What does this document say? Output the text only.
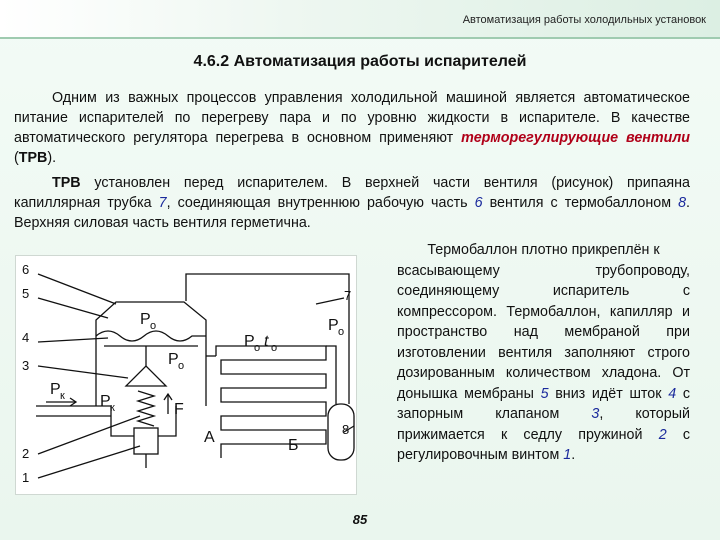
Автоматизация работы холодильных установок
4.6.2 Автоматизация работы испарителей

Одним из важных процессов управления холодильной машиной является автоматическое питание испарителей по перегреву пара и по уровню жидкости в испарителе. В качестве автоматического регулятора перегрева в основном применяют терморегулирующие вентили (ТРВ).

ТРВ установлен перед испарителем. В верхней части вентиля (рисунок) припаяна капиллярная трубка 7, соединяющая внутреннюю рабочую часть 6 вентиля с термобаллоном 8. Верхняя силовая часть вентиля герметична.

Термобаллон плотно прикреплён к
всасывающему трубопроводу, соединяющему испаритель с компрессором. Термобаллон, капилляр и пространство над мембраной при изготовлении вентиля заполняют строго дозированным количеством хладона. От донышка мембраны 5 вниз идёт шток 4 с запорным клапаном 3, который прижимается к седлу пружиной 2 с регулировочным винтом 1.
6
5
4
3
2
1
7
8
P o
P o
P o t o
P o
P к P к	F
А	Б
85
